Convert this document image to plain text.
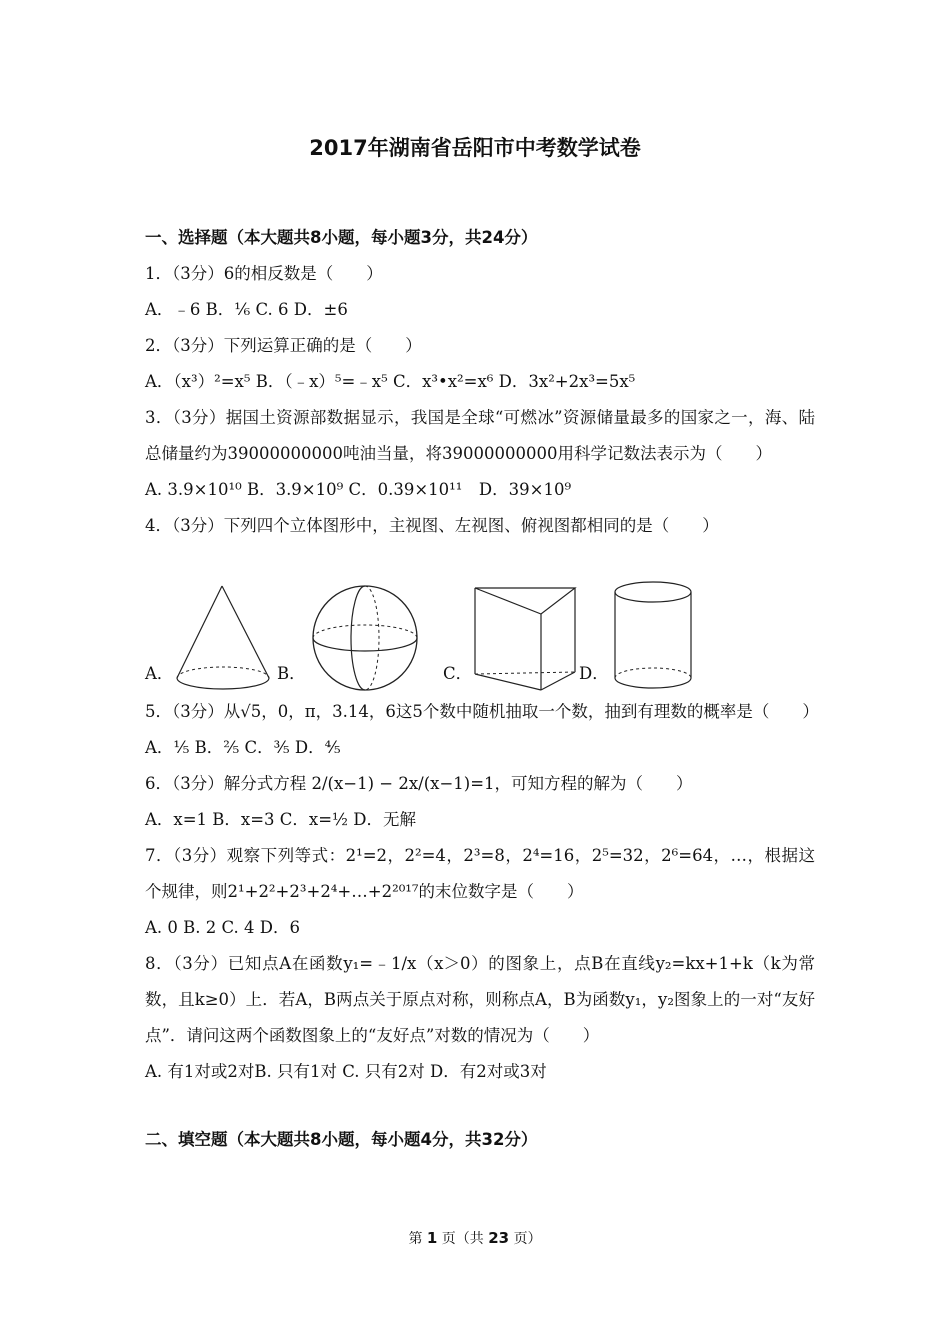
2017年湖南省岳阳市中考数学试卷
一、选择题（本大题共8小题，每小题3分，共24分）
1．（3分）6的相反数是（　　）
A．﹣6 B．⅙ C. 6 D．±6
2．（3分）下列运算正确的是（　　）
A．（x³）²=x⁵ B．（﹣x）⁵=﹣x⁵ C．x³•x²=x⁶ D．3x²+2x³=5x⁵
3．（3分）据国土资源部数据显示，我国是全球“可燃冰”资源储量最多的国家之一，海、陆总储量约为39000000000吨油当量，将39000000000用科学记数法表示为（　　）
A. 3.9×10¹⁰ B．3.9×10⁹ C．0.39×10¹¹　D．39×10⁹
4．（3分）下列四个立体图形中，主视图、左视图、俯视图都相同的是（　　）
A．	B．	C．	D．
5．（3分）从√5，0，π，3.14，6这5个数中随机抽取一个数，抽到有理数的概率是（　　）
A．⅕ B．⅖ C．⅗ D．⅘
6．（3分）解分式方程 2/(x−1) − 2x/(x−1)=1，可知方程的解为（　　）
A．x=1 B．x=3 C．x=½ D．无解
7．（3分）观察下列等式：2¹=2，2²=4，2³=8，2⁴=16，2⁵=32，2⁶=64，…，根据这个规律，则2¹+2²+2³+2⁴+…+2²⁰¹⁷的末位数字是（　　）
A. 0 B. 2 C. 4 D．6
8．（3分）已知点A在函数y₁=﹣1/x（x＞0）的图象上，点B在直线y₂=kx+1+k（k为常数，且k≥0）上．若A，B两点关于原点对称，则称点A，B为函数y₁，y₂图象上的一对“友好点”．请问这两个函数图象上的“友好点”对数的情况为（　　）
A. 有1对或2对B. 只有1对 C. 只有2对 D．有2对或3对
二、填空题（本大题共8小题，每小题4分，共32分）
第 1 页（共 23 页）
